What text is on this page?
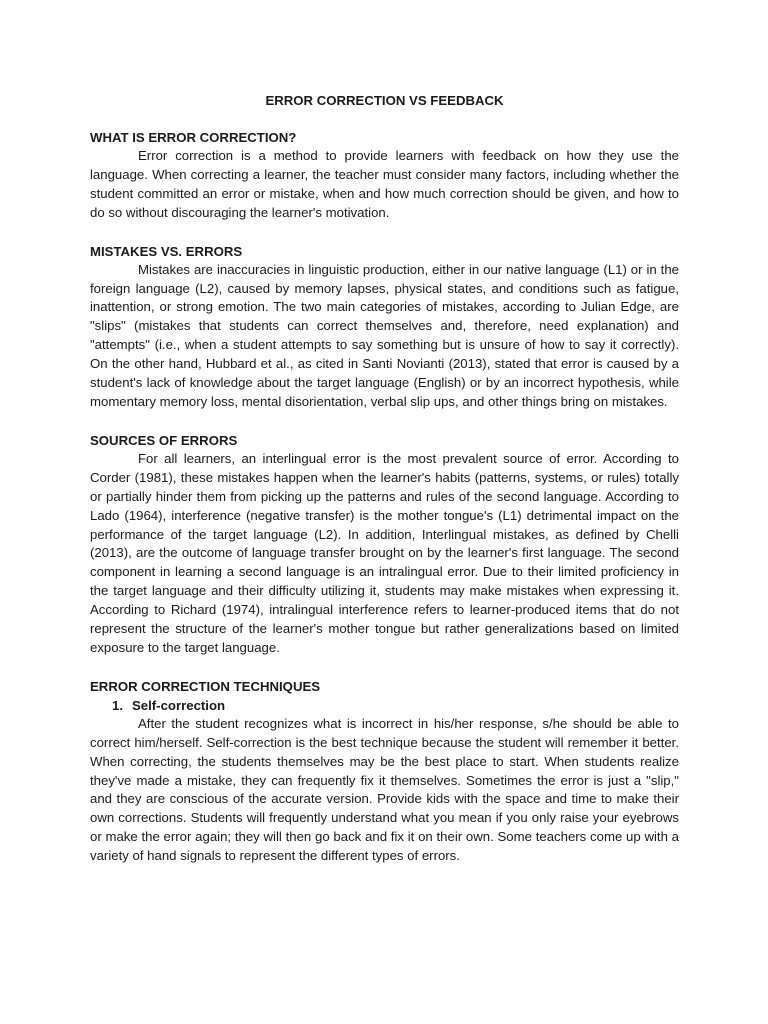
ERROR CORRECTION VS FEEDBACK
WHAT IS ERROR CORRECTION?

Error correction is a method to provide learners with feedback on how they use the language. When correcting a learner, the teacher must consider many factors, including whether the student committed an error or mistake, when and how much correction should be given, and how to do so without discouraging the learner's motivation.

MISTAKES VS. ERRORS

Mistakes are inaccuracies in linguistic production, either in our native language (L1) or in the foreign language (L2), caused by memory lapses, physical states, and conditions such as fatigue, inattention, or strong emotion. The two main categories of mistakes, according to Julian Edge, are "slips" (mistakes that students can correct themselves and, therefore, need explanation) and "attempts" (i.e., when a student attempts to say something but is unsure of how to say it correctly). On the other hand, Hubbard et al., as cited in Santi Novianti (2013), stated that error is caused by a student's lack of knowledge about the target language (English) or by an incorrect hypothesis, while momentary memory loss, mental disorientation, verbal slip ups, and other things bring on mistakes.

SOURCES OF ERRORS

For all learners, an interlingual error is the most prevalent source of error. According to Corder (1981), these mistakes happen when the learner's habits (patterns, systems, or rules) totally or partially hinder them from picking up the patterns and rules of the second language. According to Lado (1964), interference (negative transfer) is the mother tongue's (L1) detrimental impact on the performance of the target language (L2). In addition, Interlingual mistakes, as defined by Chelli (2013), are the outcome of language transfer brought on by the learner's first language. The second component in learning a second language is an intralingual error. Due to their limited proficiency in the target language and their difficulty utilizing it, students may make mistakes when expressing it. According to Richard (1974), intralingual interference refers to learner-produced items that do not represent the structure of the learner's mother tongue but rather generalizations based on limited exposure to the target language.

ERROR CORRECTION TECHNIQUES
1. Self-correction

After the student recognizes what is incorrect in his/her response, s/he should be able to correct him/herself. Self-correction is the best technique because the student will remember it better. When correcting, the students themselves may be the best place to start. When students realize they've made a mistake, they can frequently fix it themselves. Sometimes the error is just a "slip," and they are conscious of the accurate version. Provide kids with the space and time to make their own corrections. Students will frequently understand what you mean if you only raise your eyebrows or make the error again; they will then go back and fix it on their own. Some teachers come up with a variety of hand signals to represent the different types of errors.
